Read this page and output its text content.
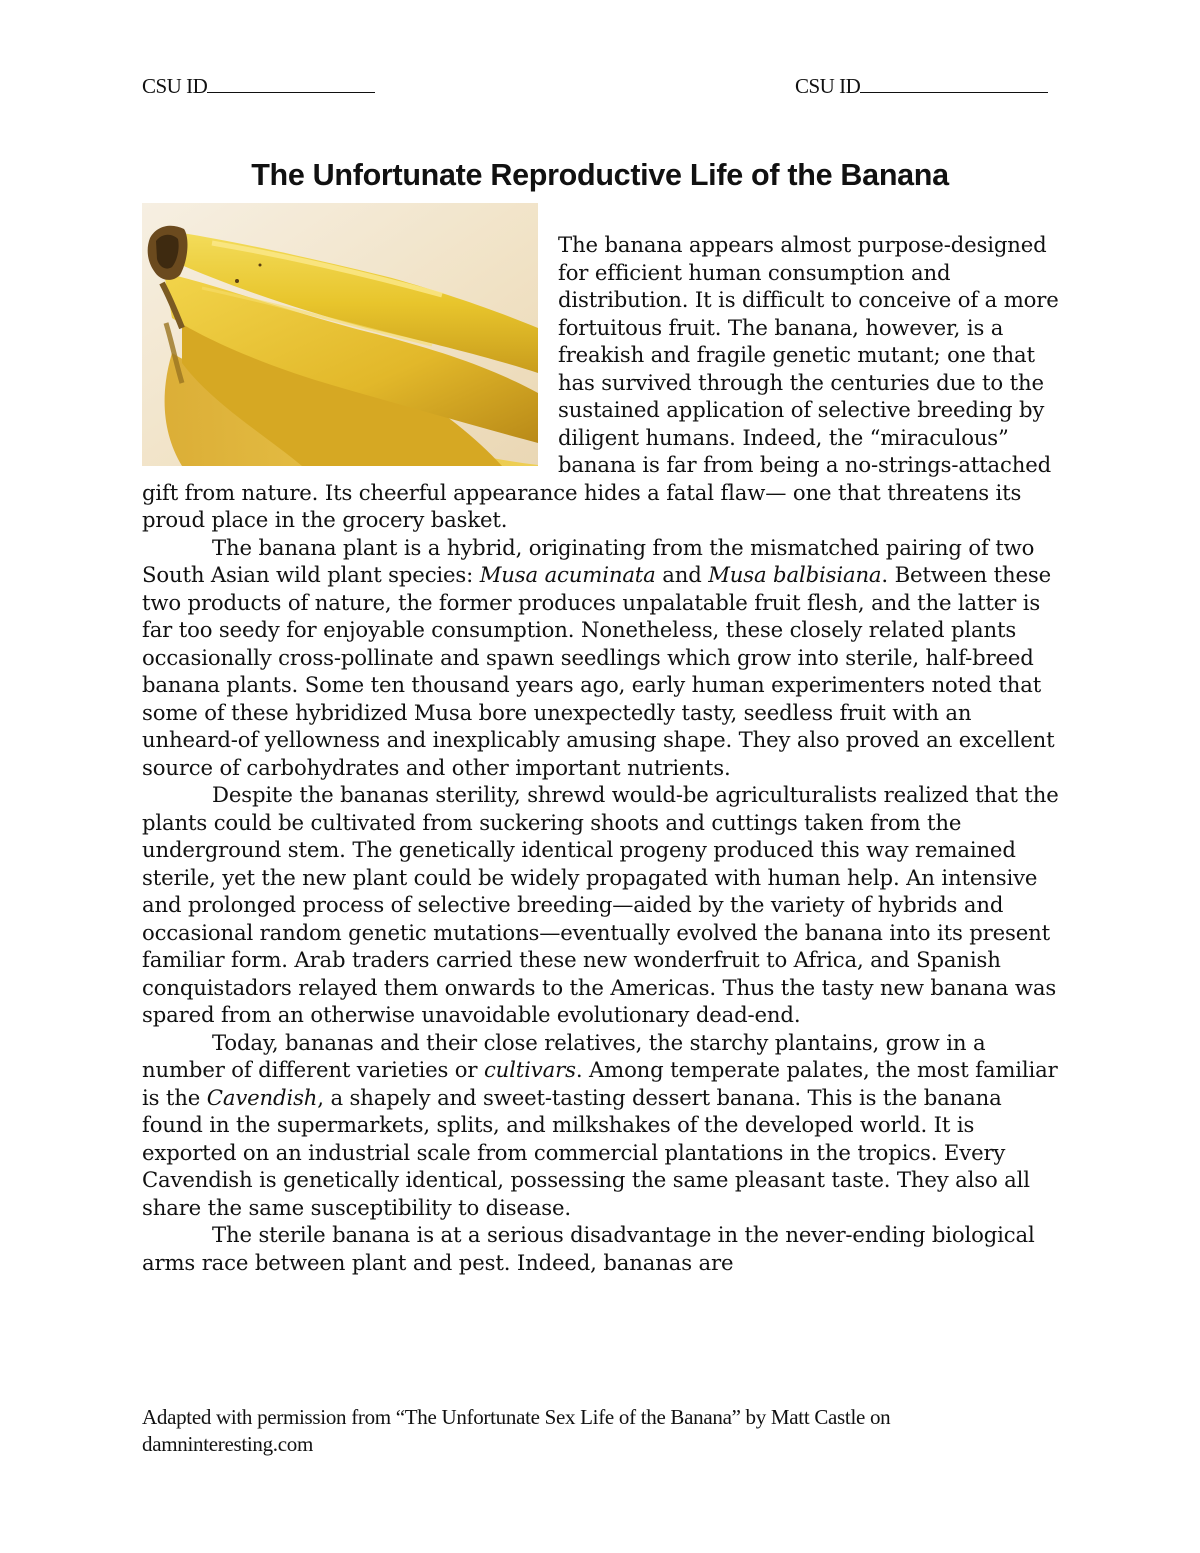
CSU ID	CSU ID
The Unfortunate Reproductive Life of the Banana

The banana appears almost purpose-designed for efficient human consumption and distribution. It is difficult to conceive of a more fortuitous fruit. The banana, however, is a freakish and fragile genetic mutant; one that has survived through the centuries due to the sustained application of selective breeding by diligent humans. Indeed, the “miraculous” banana is far from being a no-strings-attached gift from nature. Its cheerful appearance hides a fatal flaw— one that threatens its proud place in the grocery basket.

The banana plant is a hybrid, originating from the mismatched pairing of two South Asian wild plant species: Musa acuminata and Musa balbisiana. Between these two products of nature, the former produces unpalatable fruit flesh, and the latter is far too seedy for enjoyable consumption. Nonetheless, these closely related plants occasionally cross-pollinate and spawn seedlings which grow into sterile, half-breed banana plants. Some ten thousand years ago, early human experimenters noted that some of these hybridized Musa bore unexpectedly tasty, seedless fruit with an unheard-of yellowness and inexplicably amusing shape. They also proved an excellent source of carbohydrates and other important nutrients.

Despite the bananas sterility, shrewd would-be agriculturalists realized that the plants could be cultivated from suckering shoots and cuttings taken from the underground stem. The genetically identical progeny produced this way remained sterile, yet the new plant could be widely propagated with human help. An intensive and prolonged process of selective breeding—aided by the variety of hybrids and occasional random genetic mutations—eventually evolved the banana into its present familiar form. Arab traders carried these new wonderfruit to Africa, and Spanish conquistadors relayed them onwards to the Americas. Thus the tasty new banana was spared from an otherwise unavoidable evolutionary dead-end.

Today, bananas and their close relatives, the starchy plantains, grow in a number of different varieties or cultivars. Among temperate palates, the most familiar is the Cavendish, a shapely and sweet-tasting dessert banana. This is the banana found in the supermarkets, splits, and milkshakes of the developed world. It is exported on an industrial scale from commercial plantations in the tropics. Every Cavendish is genetically identical, possessing the same pleasant taste. They also all share the same susceptibility to disease.

The sterile banana is at a serious disadvantage in the never-ending biological arms race between plant and pest. Indeed, bananas are

Adapted with permission from “The Unfortunate Sex Life of the Banana” by Matt Castle on
damninteresting.com
